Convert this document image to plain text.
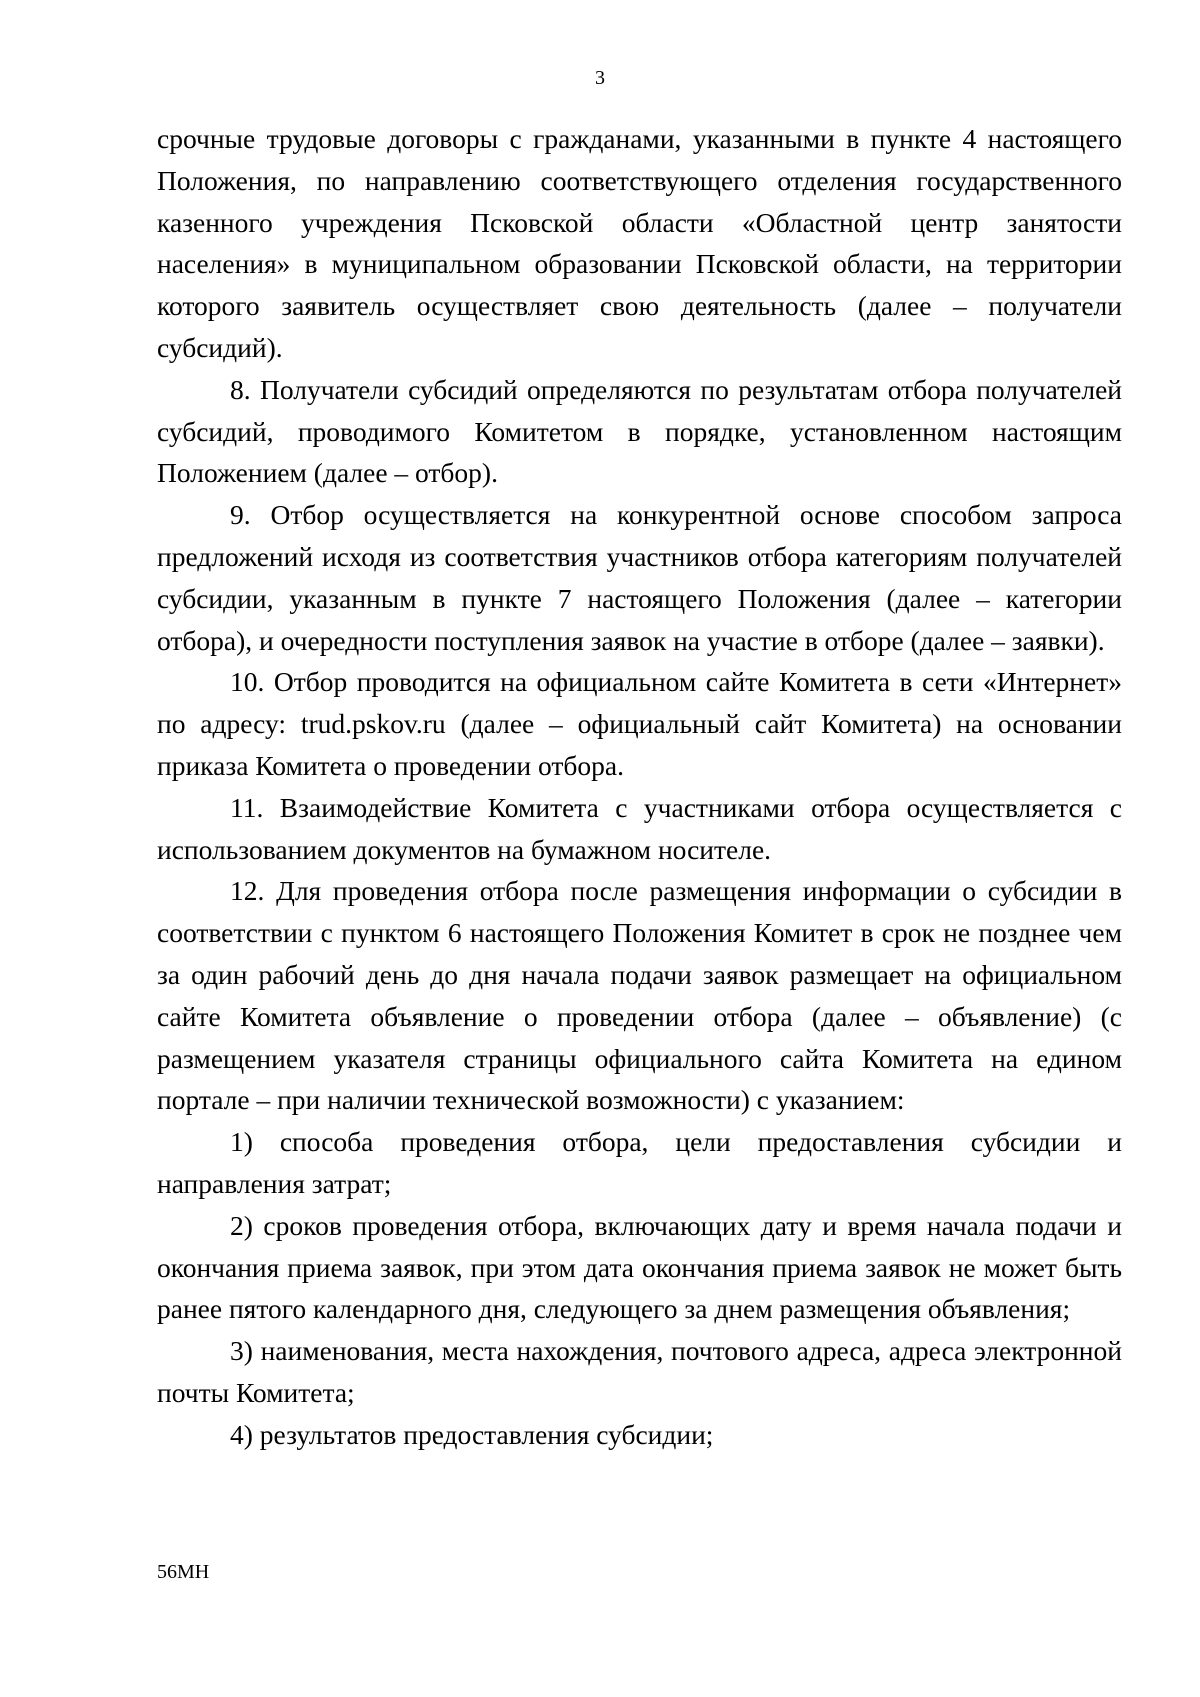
3

срочные трудовые договоры с гражданами, указанными в пункте 4 настоящего Положения, по направлению соответствующего отделения государственного казенного учреждения Псковской области «Областной центр занятости населения» в муниципальном образовании Псковской области, на территории которого заявитель осуществляет свою деятельность (далее – получатели субсидий).

8. Получатели субсидий определяются по результатам отбора получателей субсидий, проводимого Комитетом в порядке, установленном настоящим Положением (далее – отбор).

9. Отбор осуществляется на конкурентной основе способом запроса предложений исходя из соответствия участников отбора категориям получателей субсидии, указанным в пункте 7 настоящего Положения (далее – категории отбора), и очередности поступления заявок на участие в отборе (далее – заявки).

10. Отбор проводится на официальном сайте Комитета в сети «Интернет» по адресу: trud.pskov.ru (далее – официальный сайт Комитета) на основании приказа Комитета о проведении отбора.

11. Взаимодействие Комитета с участниками отбора осуществляется с использованием документов на бумажном носителе.

12. Для проведения отбора после размещения информации о субсидии в соответствии с пунктом 6 настоящего Положения Комитет в срок не позднее чем за один рабочий день до дня начала подачи заявок размещает на официальном сайте Комитета объявление о проведении отбора (далее – объявление) (с размещением указателя страницы официального сайта Комитета на едином портале – при наличии технической возможности) с указанием:

1) способа проведения отбора, цели предоставления субсидии и направления затрат;

2) сроков проведения отбора, включающих дату и время начала подачи и окончания приема заявок, при этом дата окончания приема заявок не может быть ранее пятого календарного дня, следующего за днем размещения объявления;

3) наименования, места нахождения, почтового адреса, адреса электронной почты Комитета;

4) результатов предоставления субсидии;

56МН
